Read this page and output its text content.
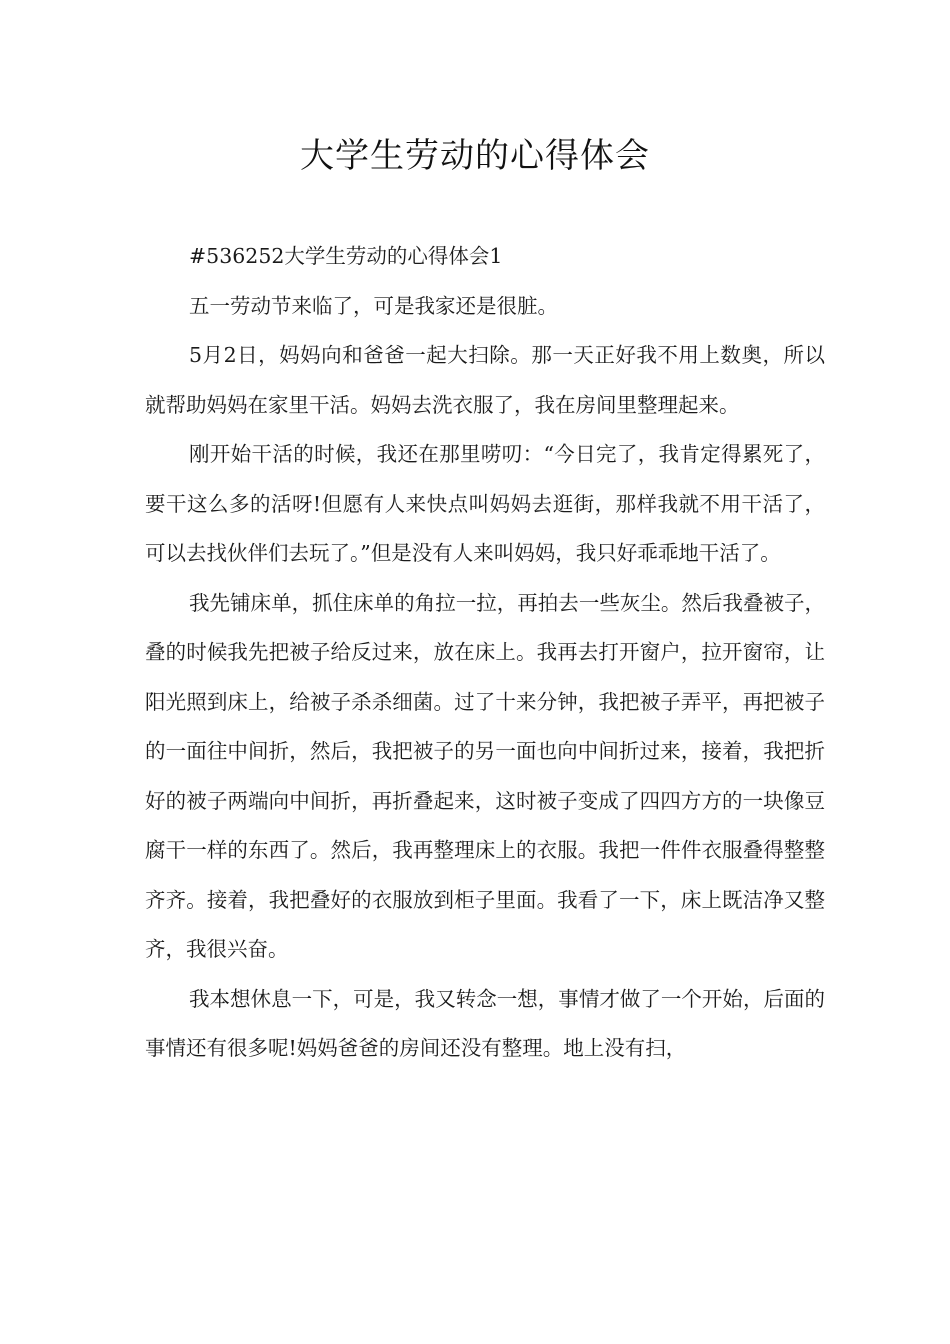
大学生劳动的心得体会

#536252大学生劳动的心得体会1

五一劳动节来临了，可是我家还是很脏。

5月2日，妈妈向和爸爸一起大扫除。那一天正好我不用上数奥，所以就帮助妈妈在家里干活。妈妈去洗衣服了，我在房间里整理起来。

刚开始干活的时候，我还在那里唠叨：“今日完了，我肯定得累死了，要干这么多的活呀!但愿有人来快点叫妈妈去逛街，那样我就不用干活了，可以去找伙伴们去玩了。”但是没有人来叫妈妈，我只好乖乖地干活了。

我先铺床单，抓住床单的角拉一拉，再拍去一些灰尘。然后我叠被子，叠的时候我先把被子给反过来，放在床上。我再去打开窗户，拉开窗帘，让阳光照到床上，给被子杀杀细菌。过了十来分钟，我把被子弄平，再把被子的一面往中间折，然后，我把被子的另一面也向中间折过来，接着，我把折好的被子两端向中间折，再折叠起来，这时被子变成了四四方方的一块像豆腐干一样的东西了。然后，我再整理床上的衣服。我把一件件衣服叠得整整齐齐。接着，我把叠好的衣服放到柜子里面。我看了一下，床上既洁净又整齐，我很兴奋。

我本想休息一下，可是，我又转念一想，事情才做了一个开始，后面的事情还有很多呢!妈妈爸爸的房间还没有整理。地上没有扫，
